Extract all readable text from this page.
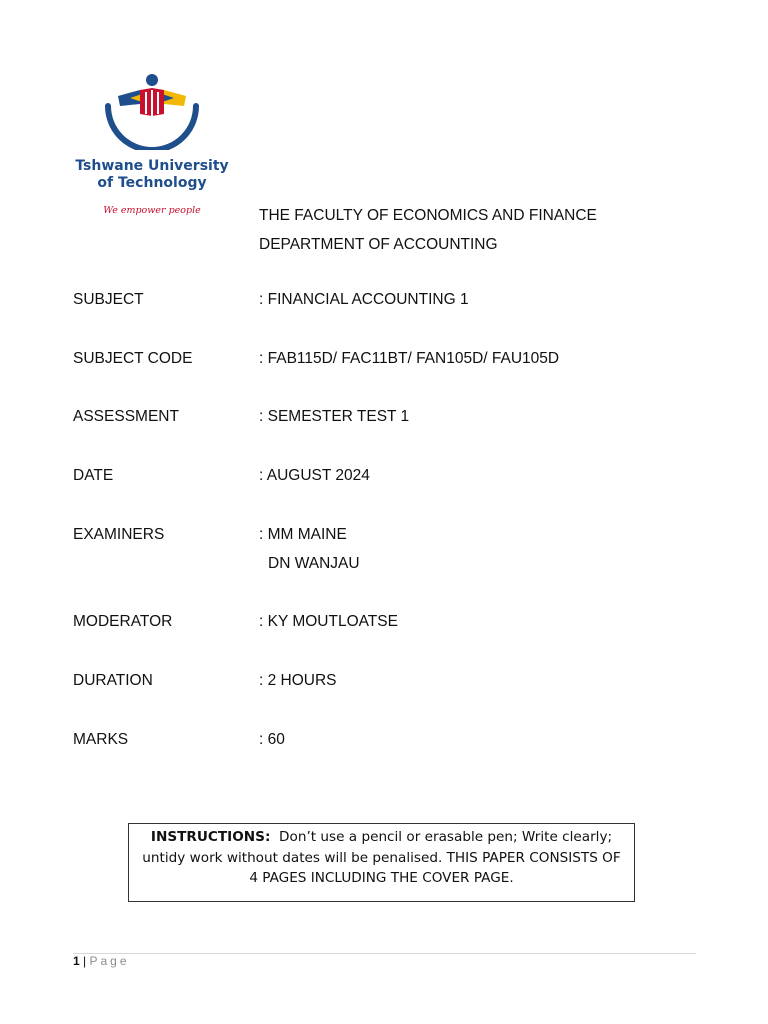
Tshwane University
of Technology
We empower people	THE FACULTY OF ECONOMICS AND FINANCE
DEPARTMENT OF ACCOUNTING
SUBJECT	: FINANCIAL ACCOUNTING 1
SUBJECT CODE	: FAB115D/ FAC11BT/ FAN105D/ FAU105D
ASSESSMENT	: SEMESTER TEST 1
DATE	: AUGUST 2024
EXAMINERS	: MM MAINE
DN WANJAU
MODERATOR	: KY MOUTLOATSE
DURATION	: 2 HOURS
MARKS	: 60
INSTRUCTIONS: Don’t use a pencil or erasable pen; Write clearly; untidy work without dates will be penalised. THIS PAPER CONSISTS OF 4 PAGES INCLUDING THE COVER PAGE.
1 | Page
